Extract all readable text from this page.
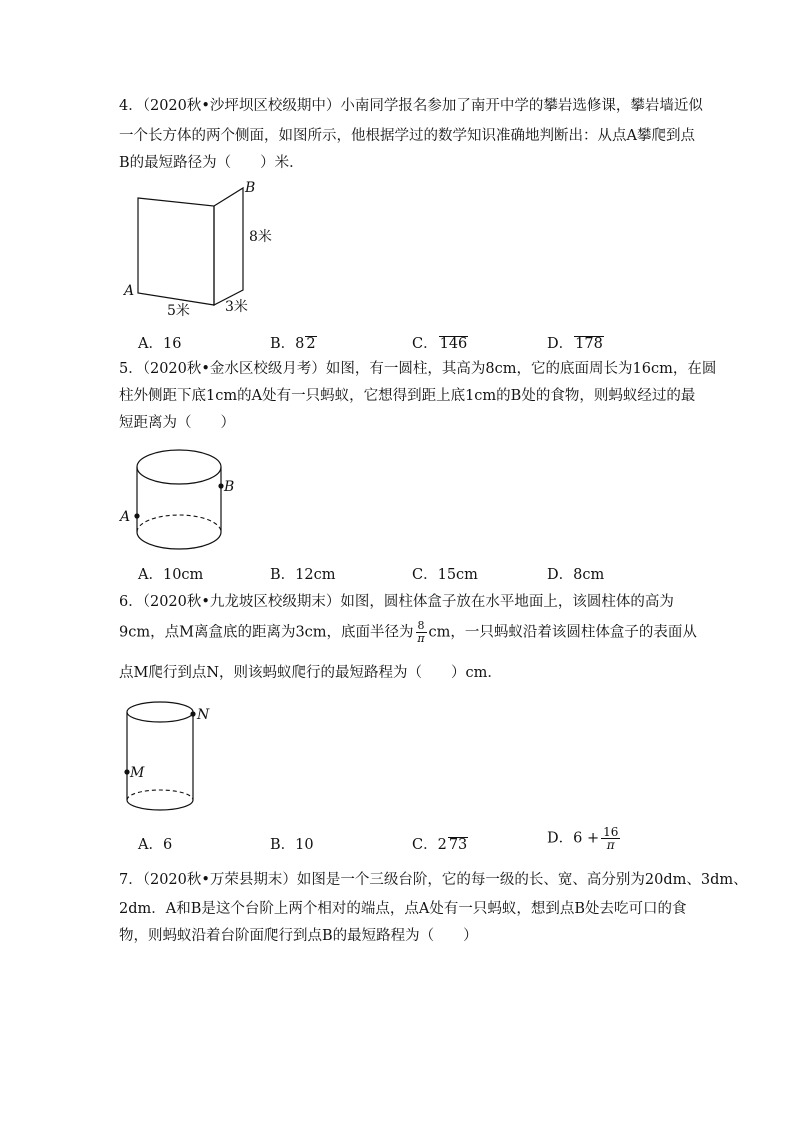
4．（2020秋•沙坪坝区校级期中）小南同学报名参加了南开中学的攀岩选修课，攀岩墙近似
一个长方体的两个侧面，如图所示，他根据学过的数学知识准确地判断出：从点A攀爬到点
B的最短路径为（　　）米．
B
8米
A
5米	3米
A．16	B．8 2	C． 146	D． 178
5．（2020秋•金水区校级月考）如图，有一圆柱，其高为8cm，它的底面周长为16cm，在圆
柱外侧距下底1cm的A处有一只蚂蚁，它想得到距上底1cm的B处的食物，则蚂蚁经过的最
短距离为（　　）
A
B
A．10cm	B．12cm	C．15cm	D．8cm
6．（2020秋•九龙坡区校级期末）如图，圆柱体盒子放在水平地面上，该圆柱体的高为
9cm，点M离盒底的距离为3cm，底面半径为 $\frac{8}{\pi}$ cm，一只蚂蚁沿着该圆柱体盒子的表面从
点M爬行到点N，则该蚂蚁爬行的最短路程为（　　）cm．
N
M
A．6	B．10	C．2 73	D．$6 + \frac{16}{\pi}$
7．（2020秋•万荣县期末）如图是一个三级台阶，它的每一级的长、宽、高分别为20dm、3dm、
2dm．A和B是这个台阶上两个相对的端点，点A处有一只蚂蚁，想到点B处去吃可口的食
物，则蚂蚁沿着台阶面爬行到点B的最短路程为（　　）
